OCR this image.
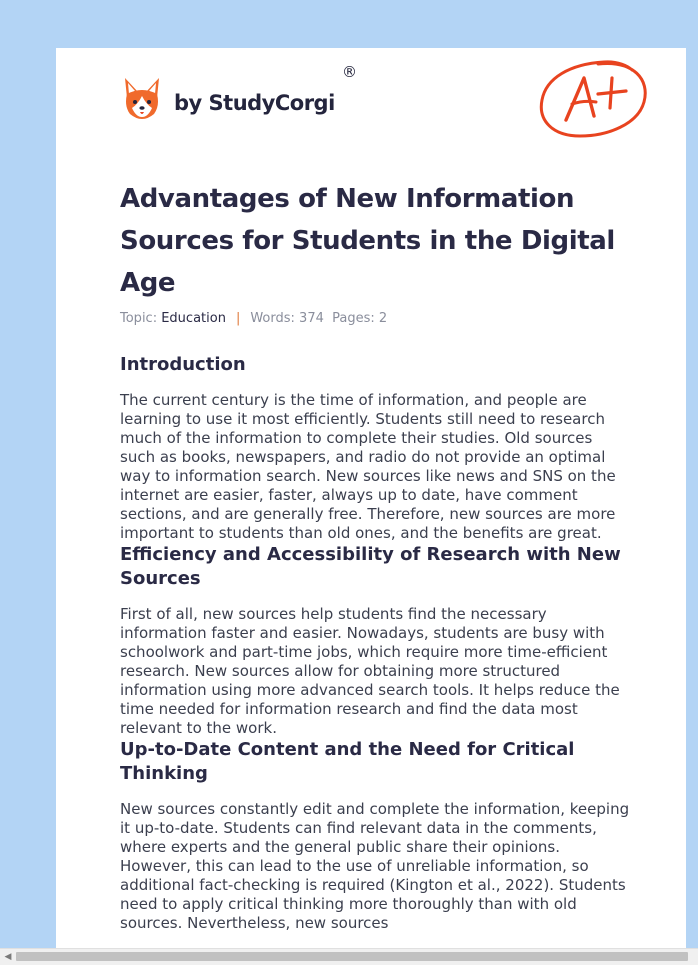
by StudyCorgi
®
Advantages of New Information Sources for Students in the Digital Age
Topic: Education | Words: 374 Pages: 2
Introduction

The current century is the time of information, and people are learning to use it most efficiently. Students still need to research much of the information to complete their studies. Old sources such as books, newspapers, and radio do not provide an optimal way to information search. New sources like news and SNS on the internet are easier, faster, always up to date, have comment sections, and are generally free. Therefore, new sources are more important to students than old ones, and the benefits are great.

Efficiency and Accessibility of Research with New Sources

First of all, new sources help students find the necessary information faster and easier. Nowadays, students are busy with schoolwork and part-time jobs, which require more time-efficient research. New sources allow for obtaining more structured information using more advanced search tools. It helps reduce the time needed for information research and find the data most relevant to the work.

Up-to-Date Content and the Need for Critical Thinking

New sources constantly edit and complete the information, keeping it up-to-date. Students can find relevant data in the comments, where experts and the general public share their opinions. However, this can lead to the use of unreliable information, so additional fact-checking is required (Kington et al., 2022). Students need to apply critical thinking more thoroughly than with old sources. Nevertheless, new sources

◀
